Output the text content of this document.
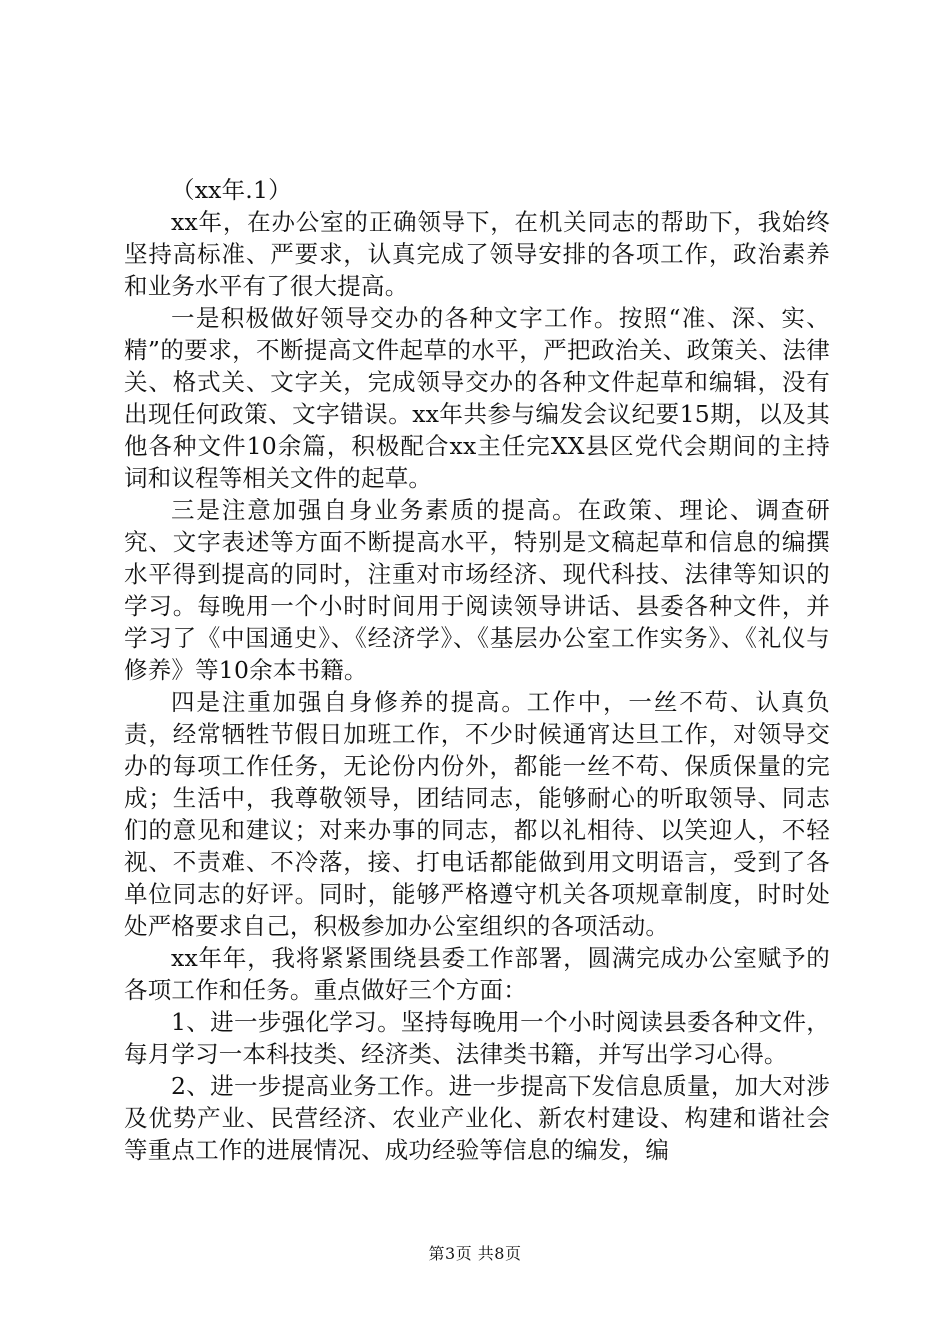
（xx年.1）

xx年，在办公室的正确领导下，在机关同志的帮助下，我始终坚持高标准、严要求，认真完成了领导安排的各项工作，政治素养和业务水平有了很大提高。

一是积极做好领导交办的各种文字工作。按照“准、深、实、精”的要求，不断提高文件起草的水平，严把政治关、政策关、法律关、格式关、文字关，完成领导交办的各种文件起草和编辑，没有出现任何政策、文字错误。xx年共参与编发会议纪要15期，以及其他各种文件10余篇，积极配合xx主任完XX县区党代会期间的主持词和议程等相关文件的起草。

三是注意加强自身业务素质的提高。在政策、理论、调查研究、文字表述等方面不断提高水平，特别是文稿起草和信息的编撰水平得到提高的同时，注重对市场经济、现代科技、法律等知识的学习。每晚用一个小时时间用于阅读领导讲话、县委各种文件，并学习了《中国通史》、《经济学》、《基层办公室工作实务》、《礼仪与修养》等10余本书籍。

四是注重加强自身修养的提高。工作中，一丝不苟、认真负责，经常牺牲节假日加班工作，不少时候通宵达旦工作，对领导交办的每项工作任务，无论份内份外，都能一丝不苟、保质保量的完成；生活中，我尊敬领导，团结同志，能够耐心的听取领导、同志们的意见和建议；对来办事的同志，都以礼相待、以笑迎人，不轻视、不责难、不冷落，接、打电话都能做到用文明语言，受到了各单位同志的好评。同时，能够严格遵守机关各项规章制度，时时处处严格要求自己，积极参加办公室组织的各项活动。

xx年年，我将紧紧围绕县委工作部署，圆满完成办公室赋予的各项工作和任务。重点做好三个方面：

1、进一步强化学习。坚持每晚用一个小时阅读县委各种文件，每月学习一本科技类、经济类、法律类书籍，并写出学习心得。

2、进一步提高业务工作。进一步提高下发信息质量，加大对涉及优势产业、民营经济、农业产业化、新农村建设、构建和谐社会等重点工作的进展情况、成功经验等信息的编发，编

第3页 共8页
